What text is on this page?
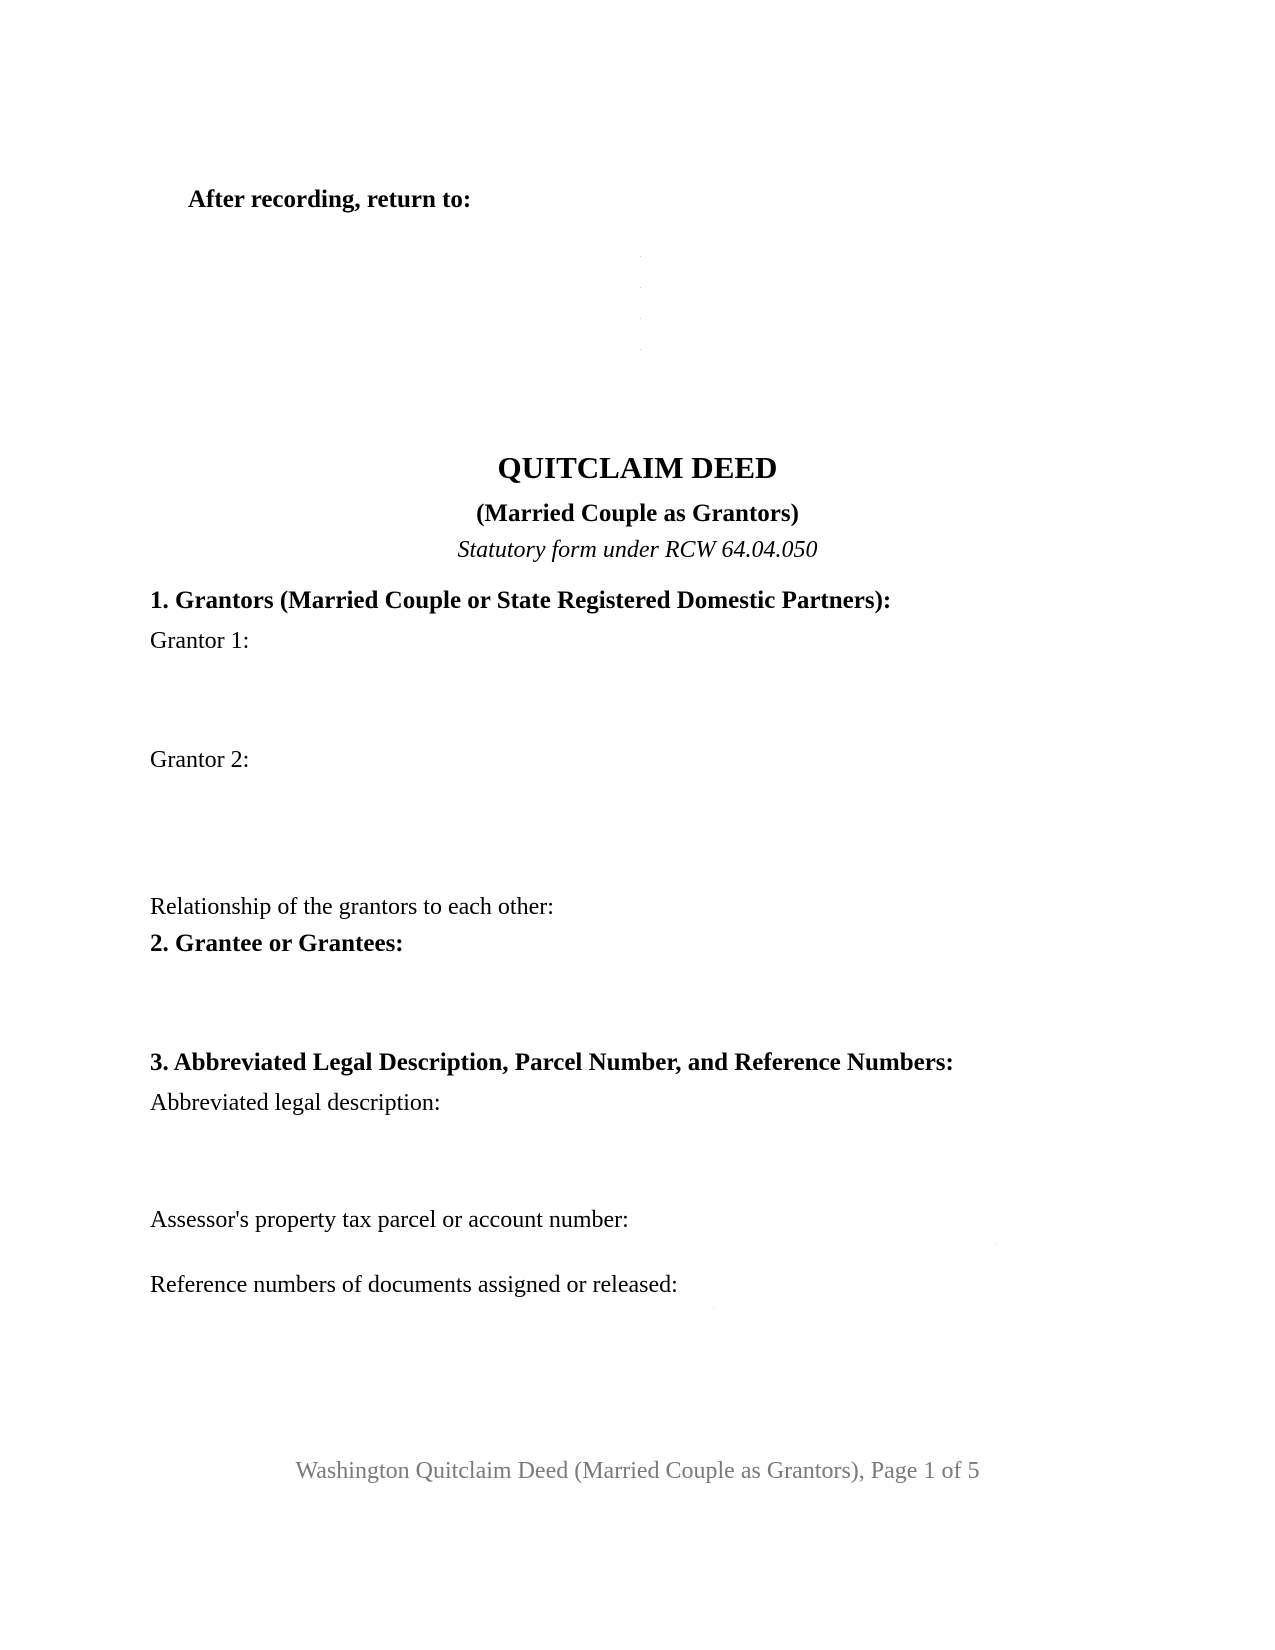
After recording, return to:

QUITCLAIM DEED

(Married Couple as Grantors)

Statutory form under RCW 64.04.050

1. Grantors (Married Couple or State Registered Domestic Partners):

Grantor 1:

Grantor 2:

Relationship of the grantors to each other:

2. Grantee or Grantees:

3. Abbreviated Legal Description, Parcel Number, and Reference Numbers:

Abbreviated legal description:

Assessor's property tax parcel or account number:

Reference numbers of documents assigned or released:

Washington Quitclaim Deed (Married Couple as Grantors), Page 1 of 5
